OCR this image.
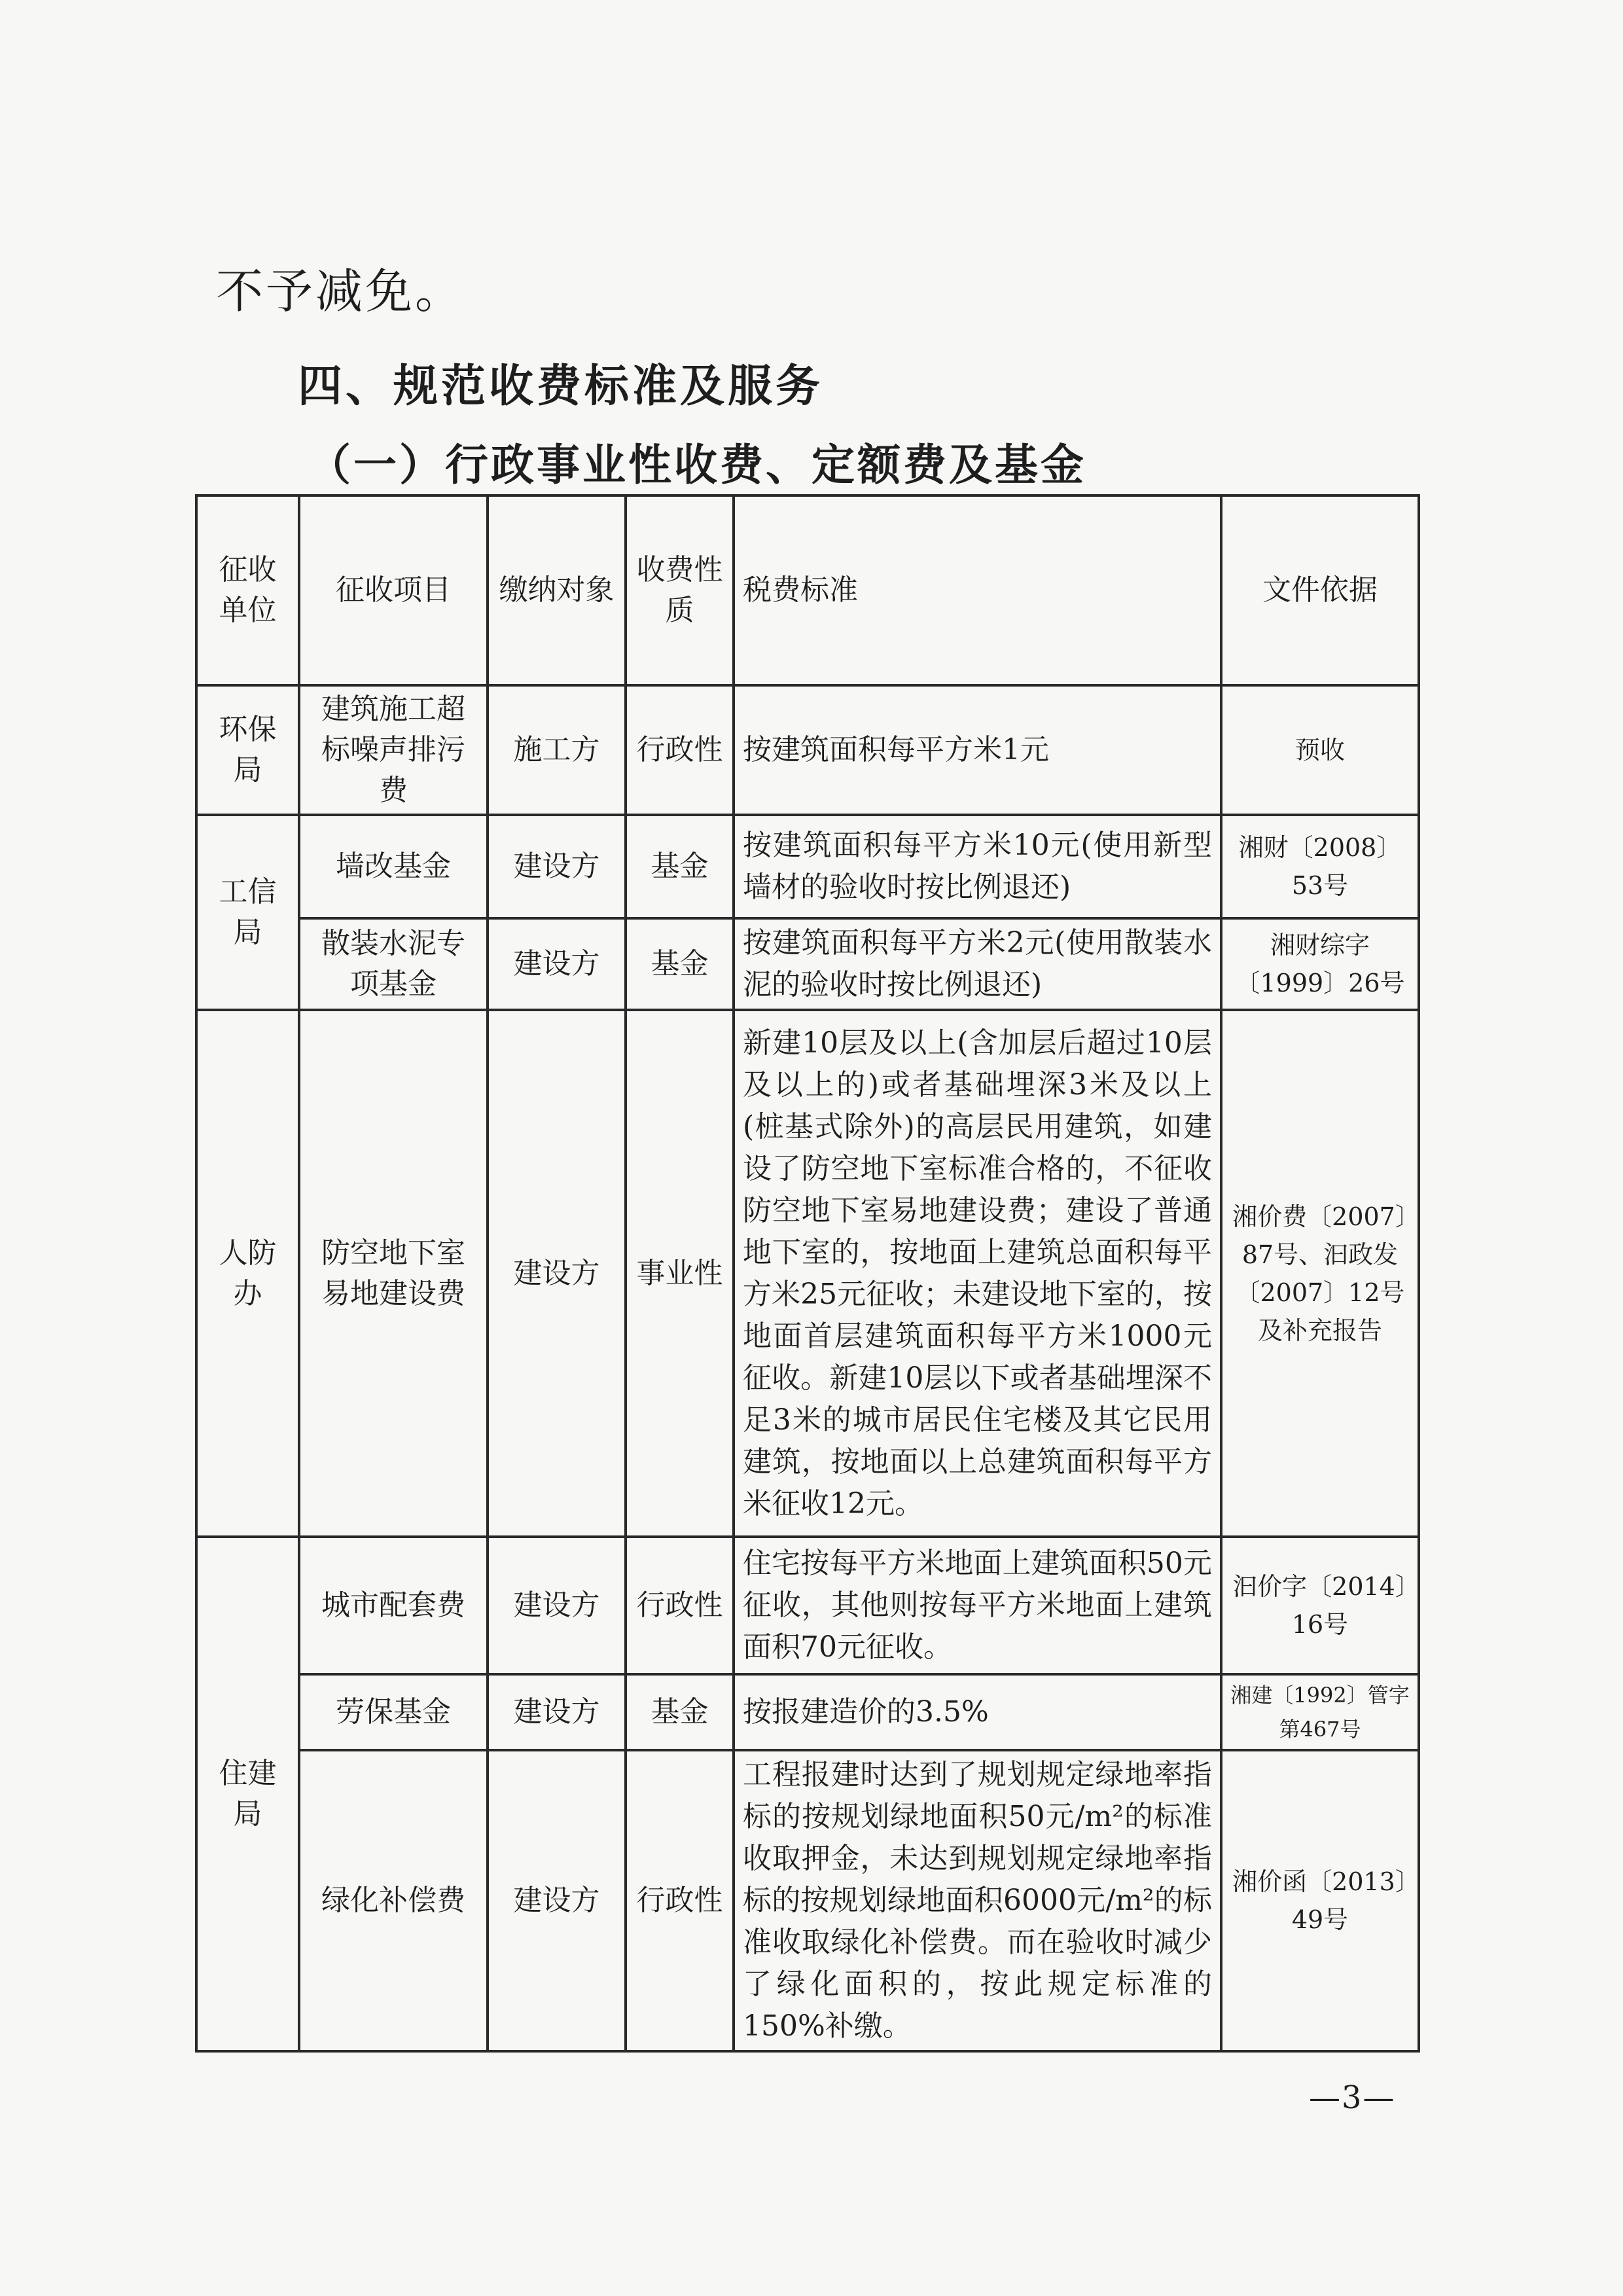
不予减免。
四、规范收费标准及服务
（一）行政事业性收费、定额费及基金
征收单位	征收项目	缴纳对象	收费性质	税费标准	文件依据
环保局	建筑施工超标噪声排污费	施工方	行政性	按建筑面积每平方米1元	预收
工信局	墙改基金	建设方	基金	按建筑面积每平方米10元(使用新型墙材的验收时按比例退还)	湘财〔2008〕53号
	散装水泥专项基金	建设方	基金	按建筑面积每平方米2元(使用散装水泥的验收时按比例退还)	湘财综字〔1999〕26号
人防办	防空地下室易地建设费	建设方	事业性	新建10层及以上(含加层后超过10层及以上的)或者基础埋深3米及以上(桩基式除外)的高层民用建筑，如建设了防空地下室标准合格的，不征收防空地下室易地建设费；建设了普通地下室的，按地面上建筑总面积每平方米25元征收；未建设地下室的，按地面首层建筑面积每平方米1000元征收。新建10层以下或者基础埋深不足3米的城市居民住宅楼及其它民用建筑，按地面以上总建筑面积每平方米征收12元。	湘价费〔2007〕87号、汩政发〔2007〕12号及补充报告
住建局	城市配套费	建设方	行政性	住宅按每平方米地面上建筑面积50元征收，其他则按每平方米地面上建筑面积70元征收。	汩价字〔2014〕16号
	劳保基金	建设方	基金	按报建造价的3.5%	湘建〔1992〕管字第467号
	绿化补偿费	建设方	行政性	工程报建时达到了规划规定绿地率指标的按规划绿地面积50元/m²的标准收取押金，未达到规划规定绿地率指标的按规划绿地面积6000元/m²的标准收取绿化补偿费。而在验收时减少了绿化面积的，按此规定标准的150%补缴。	湘价函〔2013〕49号
—3—
